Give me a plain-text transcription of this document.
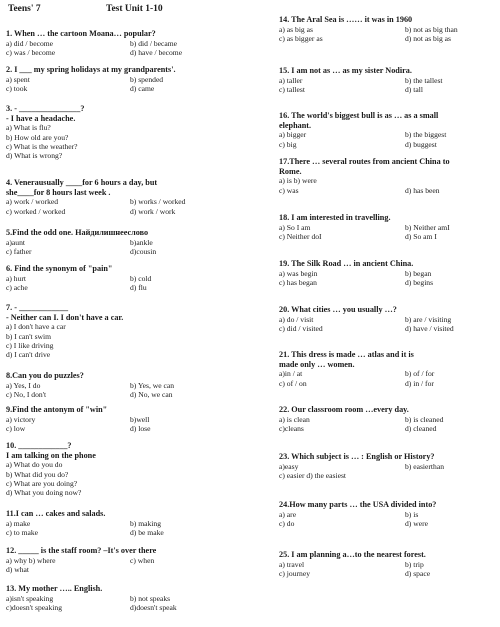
Teens' 7	Test Unit 1-10
1. When … the cartoon Moana… popular?
a) did / become	b) did / became
c) was / become	d) have / become
2. I ___ my spring holidays at my grandparents'.
a) spent	b) spended
c) took	d) came
3. - _______________?
- I have a headache.
a) What is flu?
b) How old are you?
c) What is the weather?
d) What is wrong?
4. Venerausually ____for 6 hours a day, but
she____for 8 hours last week .
a) work / worked	b) works / worked
c) worked / worked	d) work / work
5.Find the odd one. Найдилишнеесловo
a)aunt	b)ankle
c) father	d)cousin
6. Find the synonym of "pain"
a) hurt	b) cold
c) ache	d) flu
7. - ____________
- Neither can I. I don't have a car.
a) I don't have a car
b) I can't swim
c) I like driving
d) I can't drive
8.Can you do puzzles?
a) Yes, I do	b) Yes, we can
c) No, I don't	d) No, we can
9.Find the antonym of "win"
a) victory	b)well
c) low	d) lose
10. ____________?
I am talking on the phone
a) What do you do
b) What did you do?
c) What are you doing?
d) What you doing now?
11.I can … cakes and salads.
a) make	b) making
c) to make	d) be make
12. _____ is the staff room? –It's over there
a) why b) where	c) when
d) what
13. My mother ….. English.
a)isn't speaking	b) not speaks
c)doesn't speaking	d)doesn't speak
14. The Aral Sea is …… it was in 1960
a) as big as	b) not as big than
c) as bigger as	d) not as big as
15. I am not as … as my sister Nodira.
a) taller	b) the tallest
c) tallest	d) tall
16. The world's biggest bull is as … as a small
elephant.
a) bigger	b) the biggest
c) big	d) buggest
17.There … several routes from ancient China to
Rome.
a) is b) were
c) was	d) has been
18. I am interested in travelling.
a) So I am	b) Neither amI
c) Neither doI	d) So am I
19. The Silk Road … in ancient China.
a) was begin	b) began
c) has began	d) begins
20. What cities … you usually …?
a) do / visit	b) are / visiting
c) did / visited	d) have / visited
21. This dress is made … atlas and it is
made only … women.
a)in / at	b) of / for
c) of / on	d) in / for
22. Our classroom room …every day.
a) is clean	b) is cleaned
c)cleans	d) cleaned
23. Which subject is … : English or History?
a)easy	b) easierthan
c) easier d) the easiest
24.How many parts … the USA divided into?
a) are	b) is
c) do	d) were
25. I am planning a…to the nearest forest.
a) travel	b) trip
c) journey	d) space
